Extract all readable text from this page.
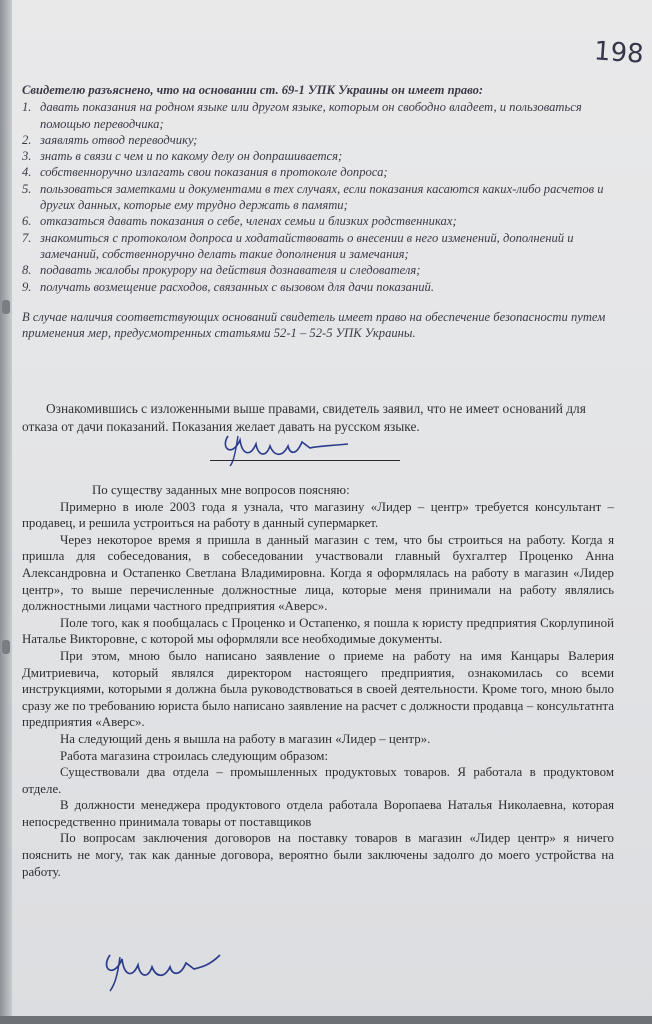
198
Свидетелю разъяснено, что на основании ст. 69-1 УПК Украины он имеет право:
1. давать показания на родном языке или другом языке, которым он свободно владеет, и пользоваться помощью переводчика;
2. заявлять отвод переводчику;
3. знать в связи с чем и по какому делу он допрашивается;
4. собственноручно излагать свои показания в протоколе допроса;
5. пользоваться заметками и документами в тех случаях, если показания касаются каких-либо расчетов и других данных, которые ему трудно держать в памяти;
6. отказаться давать показания о себе, членах семьи и близких родственниках;
7. знакомиться с протоколом допроса и ходатайствовать о внесении в него изменений, дополнений и замечаний, собственноручно делать такие дополнения и замечания;
8. подавать жалобы прокурору на действия дознавателя и следователя;
9. получать возмещение расходов, связанных с вызовом для дачи показаний.
В случае наличия соответствующих оснований свидетель имеет право на обеспечение безопасности путем применения мер, предусмотренных статьями 52-1 – 52-5 УПК Украины.

Ознакомившись с изложенными выше правами, свидетель заявил, что не имеет оснований для отказа от дачи показаний. Показания желает давать на русском языке.

По существу заданных мне вопросов поясняю:

Примерно в июле 2003 года я узнала, что магазину «Лидер – центр» требуется консультант – продавец, и решила устроиться на работу в данный супермаркет.

Через некоторое время я пришла в данный магазин с тем, что бы строиться на работу. Когда я пришла для собеседования, в собеседовании участвовали главный бухгалтер Проценко Анна Александровна и Остапенко Светлана Владимировна. Когда я оформлялась на работу в магазин «Лидер центр», то выше перечисленные должностные лица, которые меня принимали на работу являлись должностными лицами частного предприятия «Аверс».

Поле того, как я пообщалась с Проценко и Остапенко, я пошла к юристу предприятия Скорлупиной Наталье Викторовне, с которой мы оформляли все необходимые документы.

При этом, мною было написано заявление о приеме на работу на имя Канцары Валерия Дмитриевича, который являлся директором настоящего предприятия, ознакомилась со всеми инструкциями, которыми я должна была руководствоваться в своей деятельности. Кроме того, мною было сразу же по требованию юриста было написано заявление на расчет с должности продавца – консультатнта предприятия «Аверс».

На следующий день я вышла на работу в магазин «Лидер – центр».

Работа магазина строилась следующим образом:

Существовали два отдела – промышленных продуктовых товаров. Я работала в продуктовом отделе.

В должности менеджера продуктового отдела работала Воропаева Наталья Николаевна, которая непосредственно принимала товары от поставщиков

По вопросам заключения договоров на поставку товаров в магазин «Лидер центр» я ничего пояснить не могу, так как данные договора, вероятно были заключены задолго до моего устройства на работу.
